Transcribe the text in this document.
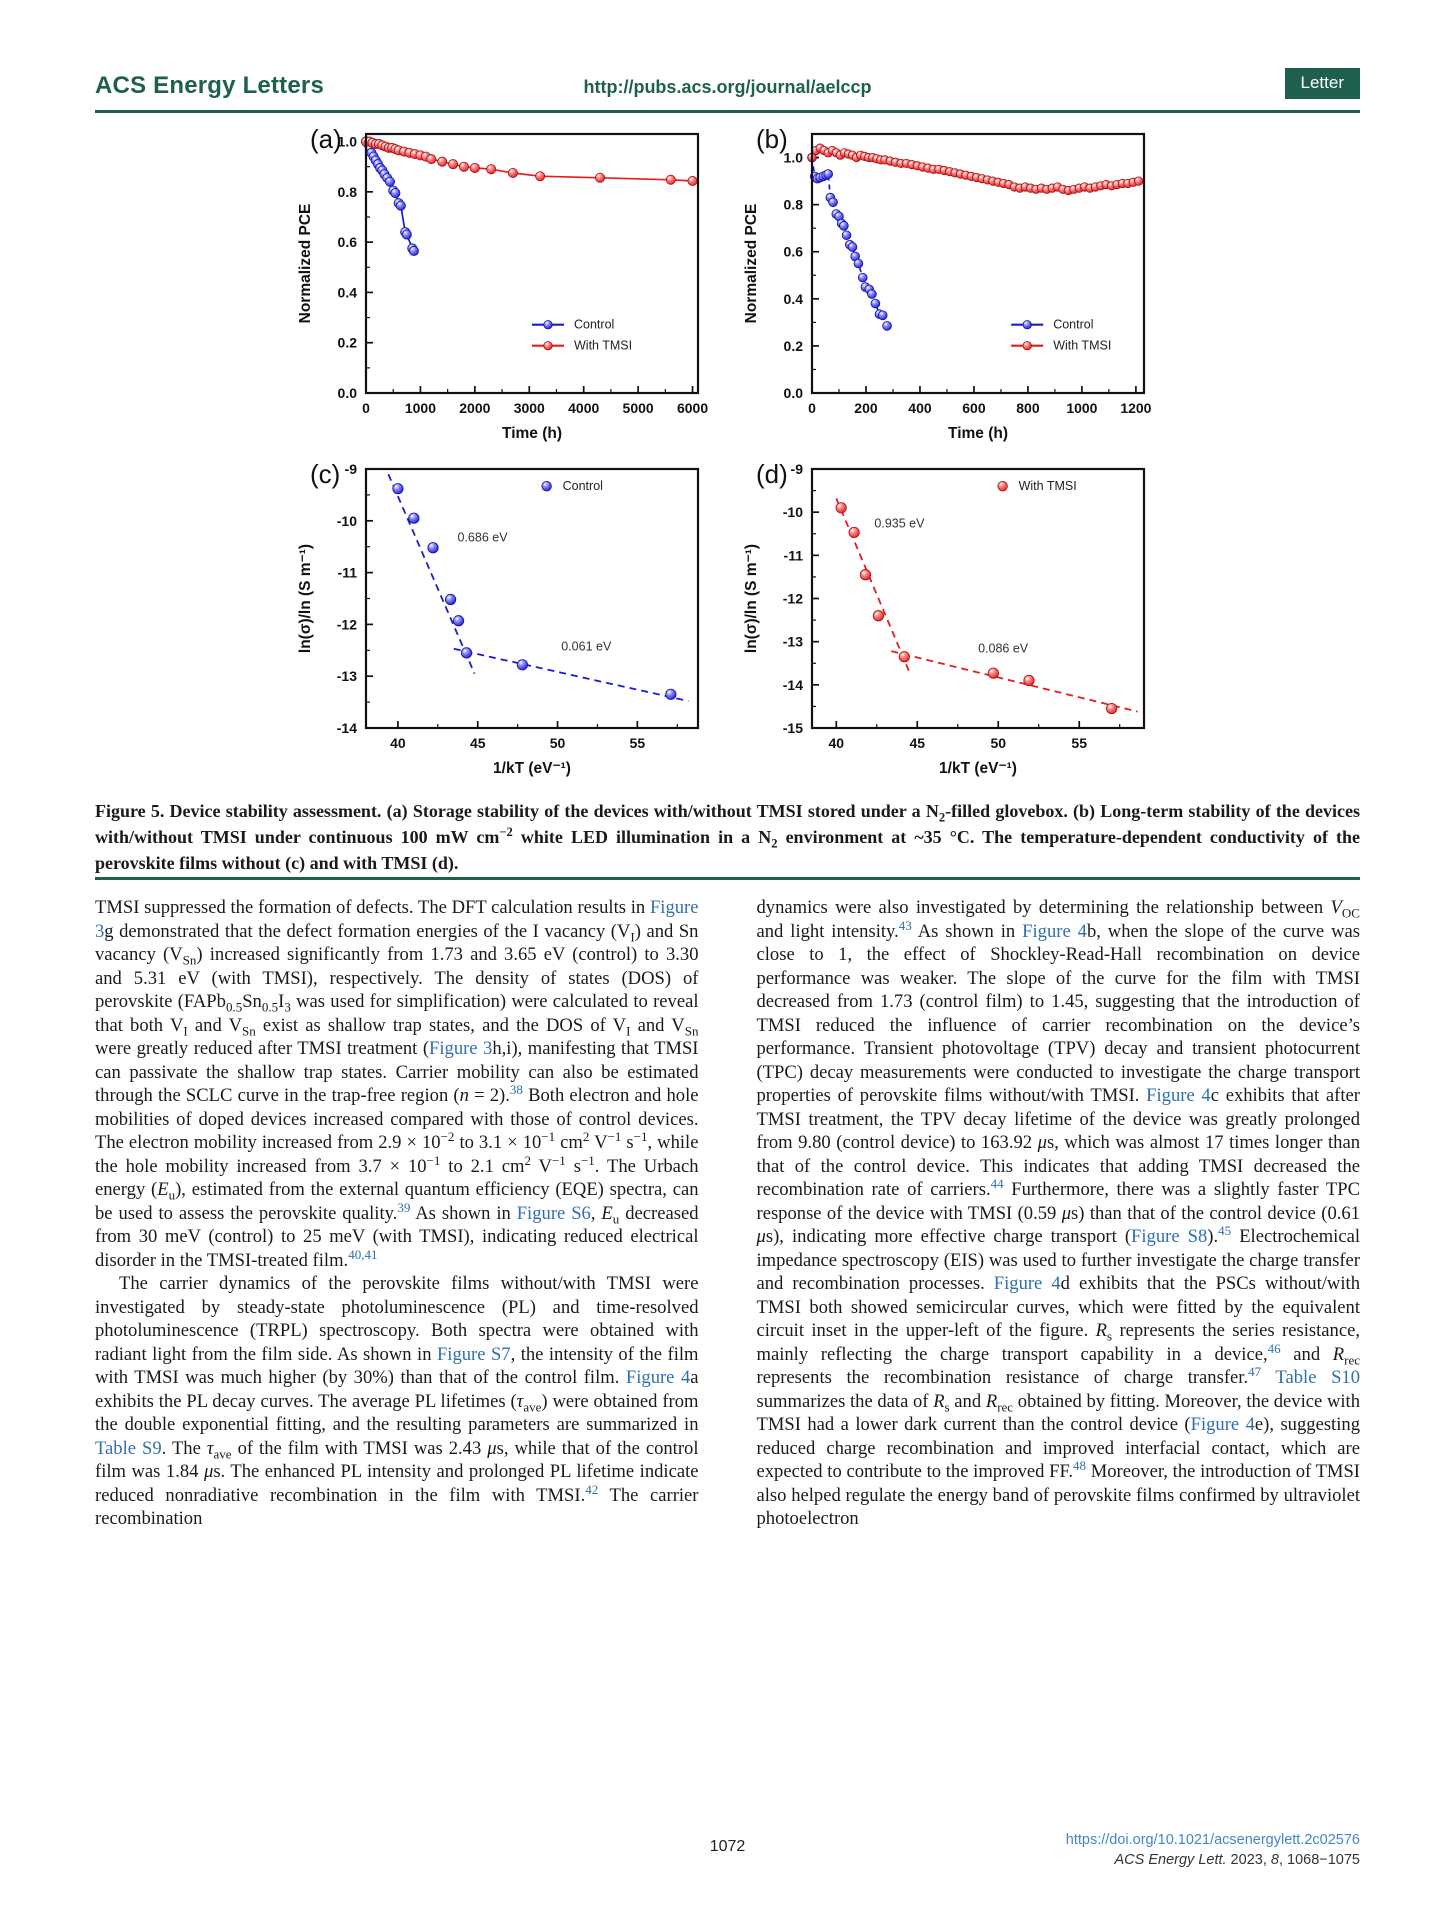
ACS Energy Letters	http://pubs.acs.org/journal/aelccp	Letter
0 1000 2000 3000 4000 5000 6000
0.0
0.2
0.4
0.6
0.8
1.0
Time (h)
Normalized PCE
(a)
Control
With TMSI
0	200 400 600 800 1000 1200
0.0
0.2
0.4
0.6
0.8
1.0
Time (h)
Normalized PCE
(b)
Control
With TMSI
40	45	50	55
-9
-10
-11
-12
-13
-14
1/kT (eV⁻¹)
ln(σ)/ln (S m⁻¹)
(c)
0.686 eV
0.061 eV
Control
40	45	50	55
-9
-10
-11
-12
-13
-14
-15
1/kT (eV⁻¹)
ln(σ)/ln (S m⁻¹)
(d)
0.935 eV
0.086 eV
With TMSI
Figure 5. Device stability assessment. (a) Storage stability of the devices with/without TMSI stored under a $N_2$-filled glovebox. (b) Long-term stability of the devices with/without TMSI under continuous 100 mW $cm^{-2}$ white LED illumination in a $N_2$ environment at ~35 °C. The temperature-dependent conductivity of the perovskite films without (c) and with TMSI (d).

TMSI suppressed the formation of defects. The DFT calculation results in Figure 3g demonstrated that the defect formation energies of the I vacancy $(V_I)$ and Sn vacancy $(V_{Sn})$ increased significantly from 1.73 and 3.65 eV (control) to 3.30 and 5.31 eV (with TMSI), respectively. The density of states (DOS) of perovskite ($FAPb_{0.5}Sn_{0.5}I_3$ was used for simplification) were calculated to reveal that both $V_I$ and $V_{Sn}$ exist as shallow trap states, and the DOS of $V_I$ and $V_{Sn}$ were greatly reduced after TMSI treatment (Figure 3h,i), manifesting that TMSI can passivate the shallow trap states. Carrier mobility can also be estimated through the SCLC curve in the trap-free region (n = 2).$^{38}$ Both electron and hole mobilities of doped devices increased compared with those of control devices. The electron mobility increased from $2.9 \times 10^{-2}$ to $3.1 \times 10^{-1}$ $cm^2$ $V^{-1}$ $s^{-1}$, while the hole mobility increased from $3.7 \times 10^{-1}$ to 2.1 $cm^2$ $V^{-1}$ $s^{-1}$. The Urbach energy $(E_u)$, estimated from the external quantum efficiency (EQE) spectra, can be used to assess the perovskite quality.$^{39}$ As shown in Figure S6, $E_u$ decreased from 30 meV (control) to 25 meV (with TMSI), indicating reduced electrical disorder in the TMSI-treated film.$^{40,41}$

The carrier dynamics of the perovskite films without/with TMSI were investigated by steady-state photoluminescence (PL) and time-resolved photoluminescence (TRPL) spectroscopy. Both spectra were obtained with radiant light from the film side. As shown in Figure S7, the intensity of the film with TMSI was much higher (by 30%) than that of the control film. Figure 4a exhibits the PL decay curves. The average PL lifetimes $(\tau_{ave})$ were obtained from the double exponential fitting, and the resulting parameters are summarized in Table S9. The $\tau_{ave}$ of the film with TMSI was 2.43 μs, while that of the control film was 1.84 μs. The enhanced PL intensity and prolonged PL lifetime indicate reduced nonradiative recombination in the film with TMSI.$^{42}$ The carrier recombination

dynamics were also investigated by determining the relationship between $V_{OC}$ and light intensity.$^{43}$ As shown in Figure 4b, when the slope of the curve was close to 1, the effect of Shockley-Read-Hall recombination on device performance was weaker. The slope of the curve for the film with TMSI decreased from 1.73 (control film) to 1.45, suggesting that the introduction of TMSI reduced the influence of carrier recombination on the device’s performance. Transient photovoltage (TPV) decay and transient photocurrent (TPC) decay measurements were conducted to investigate the charge transport properties of perovskite films without/with TMSI. Figure 4c exhibits that after TMSI treatment, the TPV decay lifetime of the device was greatly prolonged from 9.80 (control device) to 163.92 μs, which was almost 17 times longer than that of the control device. This indicates that adding TMSI decreased the recombination rate of carriers.$^{44}$ Furthermore, there was a slightly faster TPC response of the device with TMSI (0.59 μs) than that of the control device (0.61 μs), indicating more effective charge transport (Figure S8).$^{45}$ Electrochemical impedance spectroscopy (EIS) was used to further investigate the charge transfer and recombination processes. Figure 4d exhibits that the PSCs without/with TMSI both showed semicircular curves, which were fitted by the equivalent circuit inset in the upper-left of the figure. $R_s$ represents the series resistance, mainly reflecting the charge transport capability in a device,$^{46}$ and $R_{rec}$ represents the recombination resistance of charge transfer.$^{47}$ Table S10 summarizes the data of $R_s$ and $R_{rec}$ obtained by fitting. Moreover, the device with TMSI had a lower dark current than the control device (Figure 4e), suggesting reduced charge recombination and improved interfacial contact, which are expected to contribute to the improved FF.$^{48}$ Moreover, the introduction of TMSI also helped regulate the energy band of perovskite films confirmed by ultraviolet photoelectron

1072	https://doi.org/10.1021/acsenergylett.2c02576
ACS Energy Lett. 2023, 8, 1068−1075
